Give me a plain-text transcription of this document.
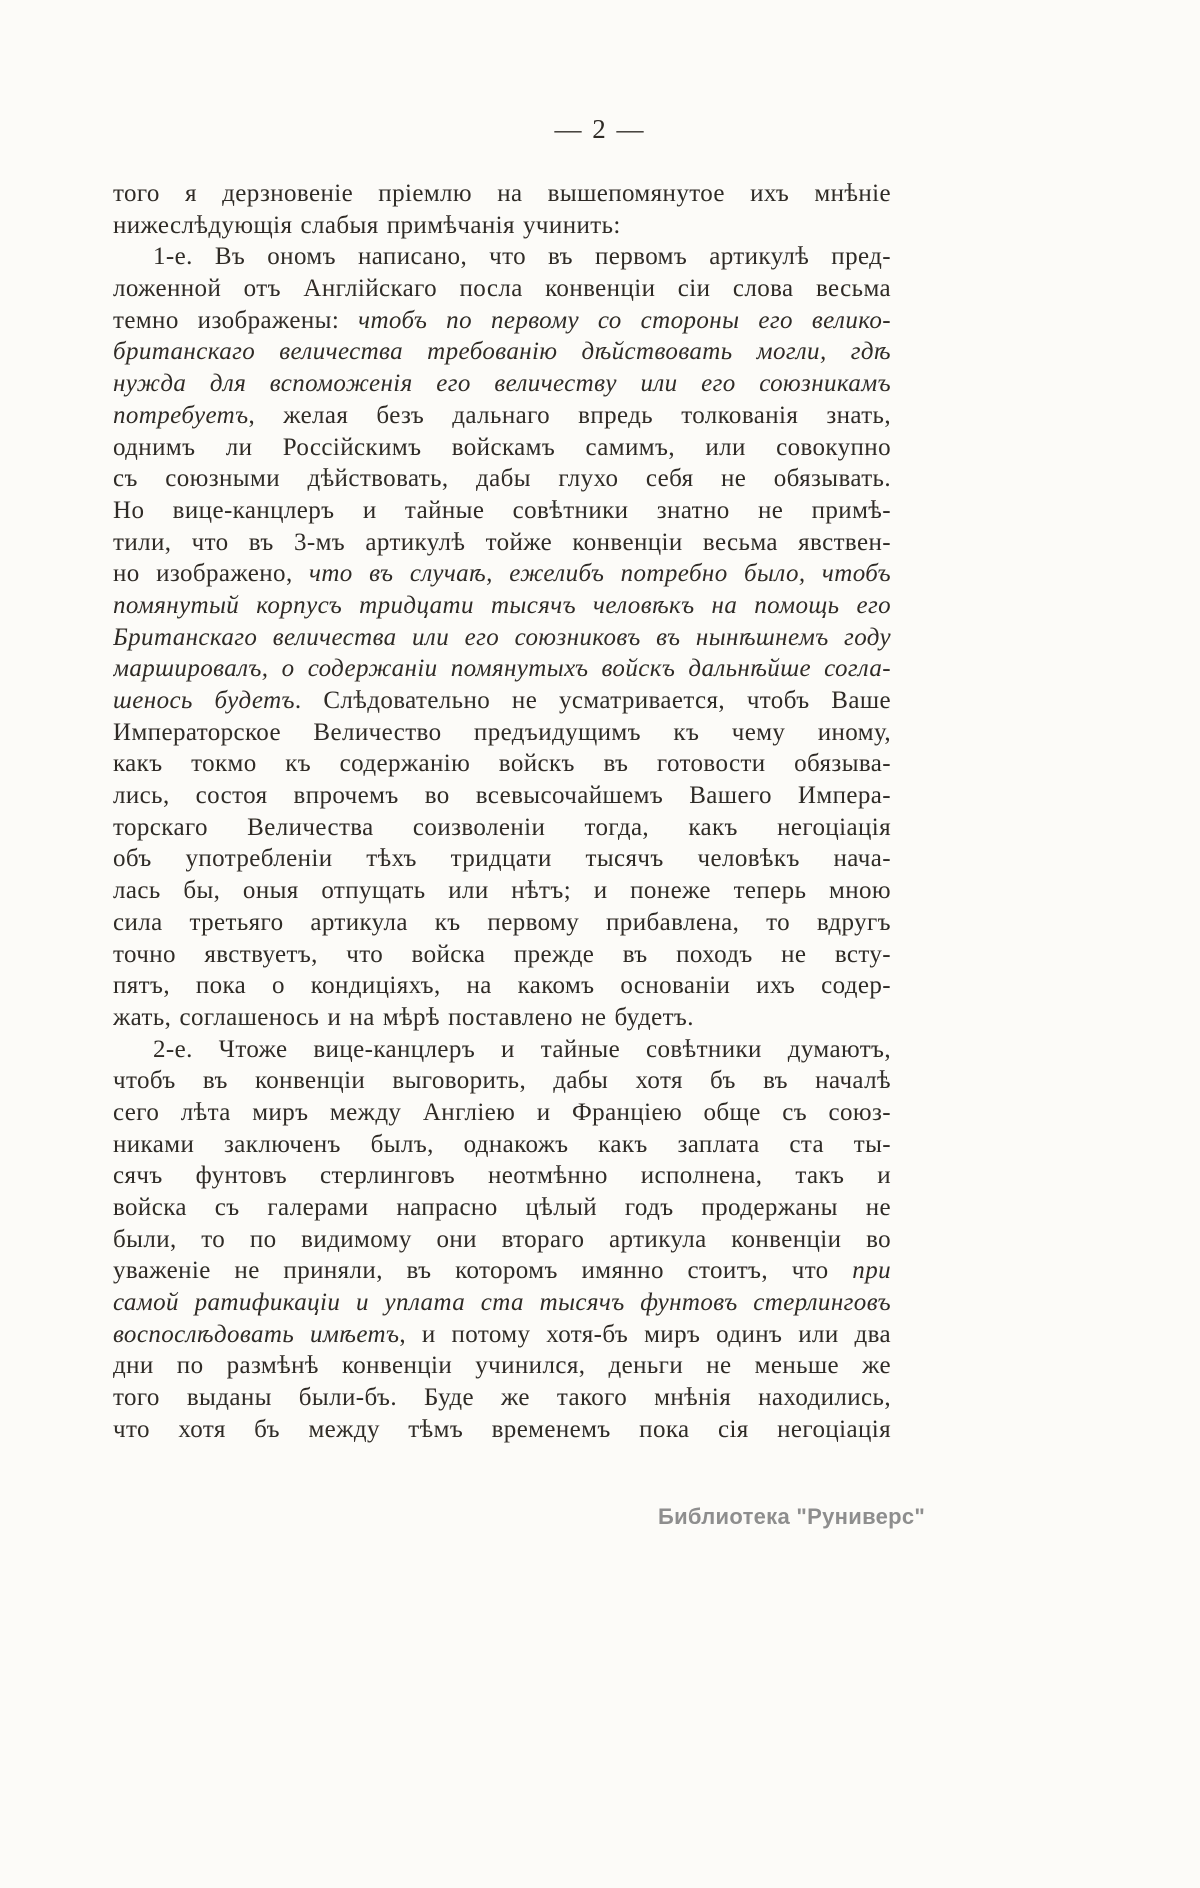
— 2 —
того я дерзновеніе пріемлю на вышепомянутое ихъ мнѣніе
нижеслѣдующія слабыя примѣчанія учинить:
1-е. Въ ономъ написано, что въ первомъ артикулѣ пред-
ложенной отъ Англійскаго посла конвенціи сіи слова весьма
темно изображены: чтобъ по первому со стороны его велико-
британскаго величества требованію дѣйствовать могли, гдѣ
нужда для вспоможенія его величеству или его союзникамъ
потребуетъ, желая безъ дальнаго впредь толкованія знать,
однимъ ли Россійскимъ войскамъ самимъ, или совокупно
съ союзными дѣйствовать, дабы глухо себя не обязывать.
Но вице-канцлеръ и тайные совѣтники знатно не примѣ-
тили, что въ 3-мъ артикулѣ тойже конвенціи весьма явствен-
но изображено, что въ случаѣ, ежелибъ потребно было, чтобъ
помянутый корпусъ тридцати тысячъ человѣкъ на помощь его
Британскаго величества или его союзниковъ въ нынѣшнемъ году
маршировалъ, о содержаніи помянутыхъ войскъ дальнѣйше согла-
шенось будетъ. Слѣдовательно не усматривается, чтобъ Ваше
Императорское Величество предъидущимъ къ чему иному,
какъ токмо къ содержанію войскъ въ готовости обязыва-
лись, состоя впрочемъ во всевысочайшемъ Вашего Импера-
торскаго Величества соизволеніи тогда, какъ негоціація
объ употребленіи тѣхъ тридцати тысячъ человѣкъ нача-
лась бы, оныя отпущать или нѣтъ; и понеже теперь мною
сила третьяго артикула къ первому прибавлена, то вдругъ
точно явствуетъ, что войска прежде въ походъ не всту-
пятъ, пока о кондиціяхъ, на какомъ основаніи ихъ содер-
жать, соглашенось и на мѣрѣ поставлено не будетъ.
2-е. Чтоже вице-канцлеръ и тайные совѣтники думаютъ,
чтобъ въ конвенціи выговорить, дабы хотя бъ въ началѣ
сего лѣта миръ между Англіею и Франціею обще съ союз-
никами заключенъ былъ, однакожъ какъ заплата ста ты-
сячъ фунтовъ стерлинговъ неотмѣнно исполнена, такъ и
войска съ галерами напрасно цѣлый годъ продержаны не
были, то по видимому они втораго артикула конвенціи во
уваженіе не приняли, въ которомъ имянно стоитъ, что при
самой ратификаціи и уплата ста тысячъ фунтовъ стерлинговъ
воспослѣдовать имѣетъ, и потому хотя-бъ миръ одинъ или два
дни по размѣнѣ конвенціи учинился, деньги не меньше же
того выданы были-бъ. Буде же такого мнѣнія находились,
что хотя бъ между тѣмъ временемъ пока сія негоціація
Библиотека "Руниверс"
